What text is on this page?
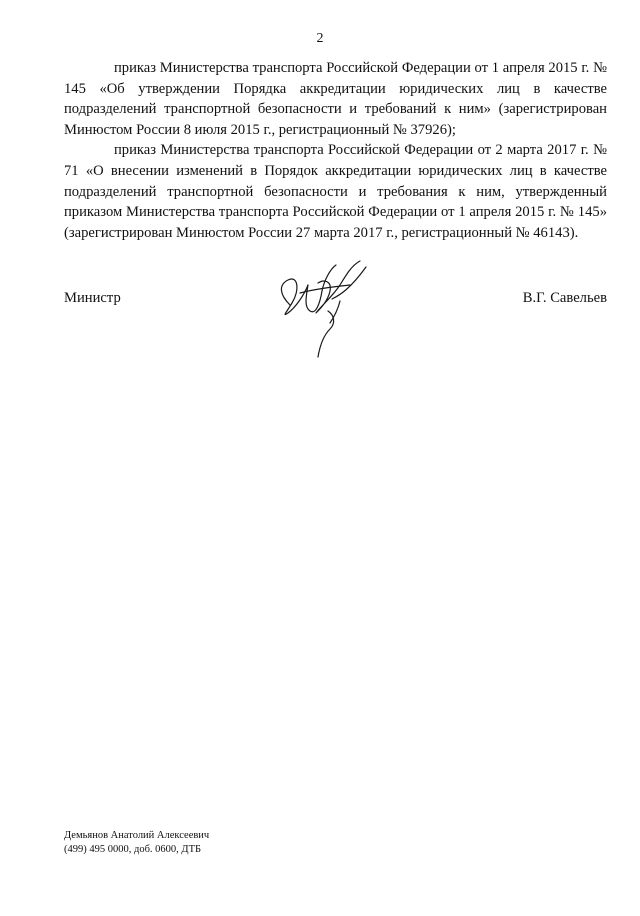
2

приказ Министерства транспорта Российской Федерации от 1 апреля 2015 г. № 145 «Об утверждении Порядка аккредитации юридических лиц в качестве подразделений транспортной безопасности и требований к ним» (зарегистрирован Минюстом России 8 июля 2015 г., регистрационный № 37926);

приказ Министерства транспорта Российской Федерации от 2 марта 2017 г. № 71 «О внесении изменений в Порядок аккредитации юридических лиц в качестве подразделений транспортной безопасности и требования к ним, утвержденный приказом Министерства транспорта Российской Федерации от 1 апреля 2015 г. № 145» (зарегистрирован Минюстом России 27 марта 2017 г., регистрационный № 46143).

Министр	В.Г. Савельев
Демьянов Анатолий Алексеевич
(499) 495 0000, доб. 0600, ДТБ
